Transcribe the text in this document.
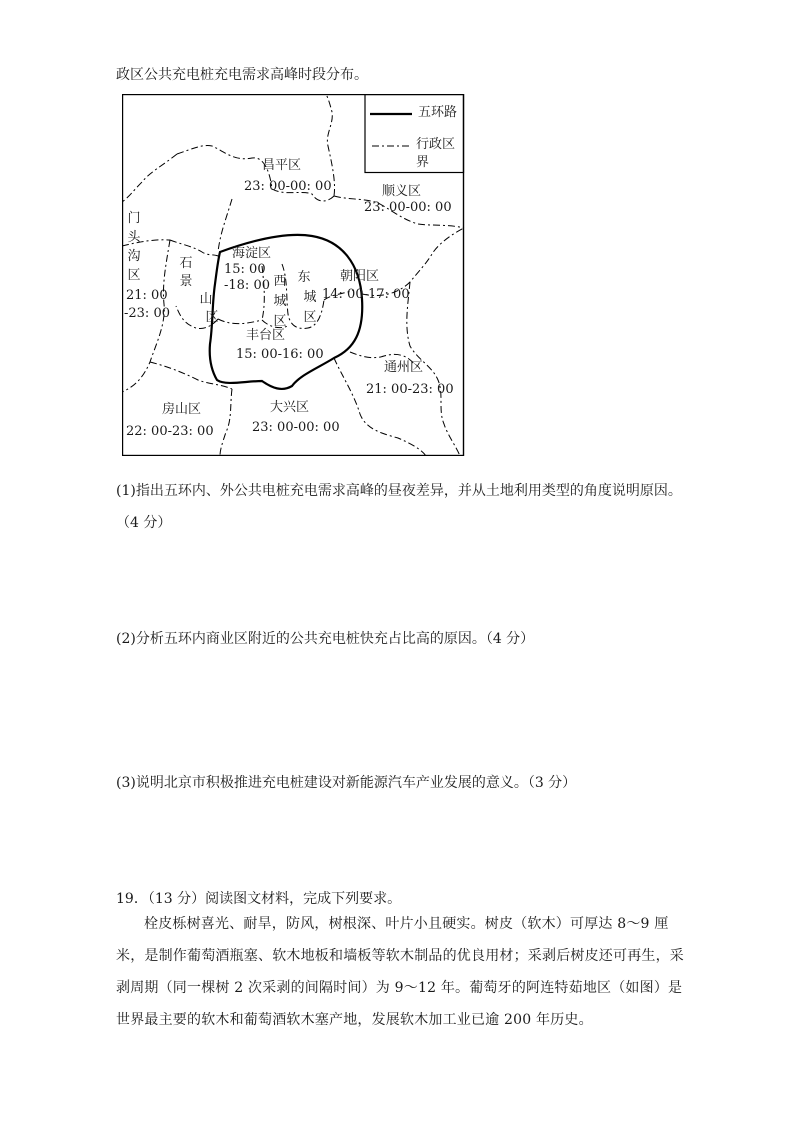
政区公共充电桩充电需求高峰时段分布。
五环路
行政区
界
昌平区
23: 00-00: 00	顺义区
23: 00-00: 00
门
头
沟
区
21: 00
-23: 00
石
景
山
区
海淀区
15: 00
-18: 00 西
城
区
东
城
区
朝阳区
14: 00-17: 00
丰台区
15: 00-16: 00
通州区
21: 00-23: 00
房山区
22: 00-23: 00
大兴区
23: 00-00: 00
(1)指出五环内、外公共电桩充电需求高峰的昼夜差异，并从土地利用类型的角度说明原因。
（4 分）
(2)分析五环内商业区附近的公共充电桩快充占比高的原因。（4 分）
(3)说明北京市积极推进充电桩建设对新能源汽车产业发展的意义。（3 分）
19．（13 分）阅读图文材料，完成下列要求。
栓皮栎树喜光、耐旱，防风，树根深、叶片小且硬实。树皮（软木）可厚达 8～9 厘米，是制作葡萄酒瓶塞、软木地板和墙板等软木制品的优良用材；采剥后树皮还可再生，采剥周期（同一棵树 2 次采剥的间隔时间）为 9～12 年。葡萄牙的阿连特茹地区（如图）是世界最主要的软木和葡萄酒软木塞产地，发展软木加工业已逾 200 年历史。
